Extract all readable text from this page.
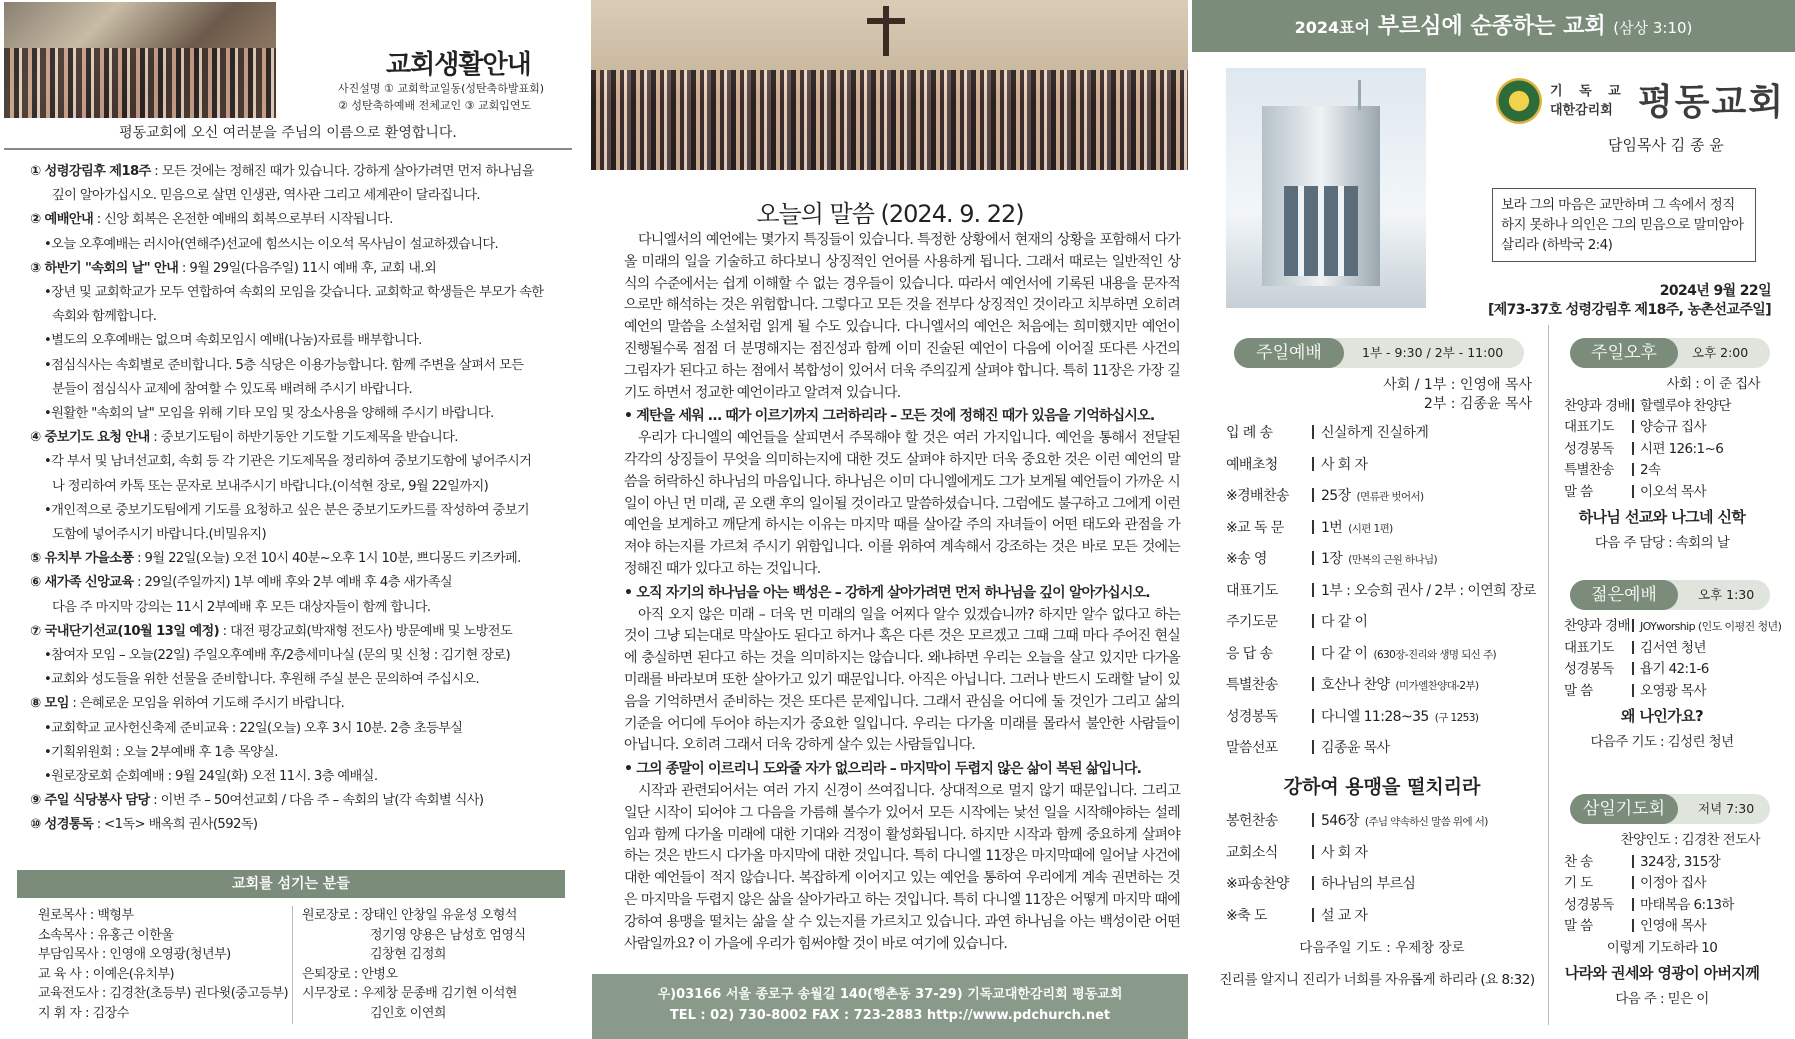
교회생활안내
사진설명 ① 교회학교일동(성탄축하발표회)
② 성탄축하예배 전체교인 ③ 교회입연도
평동교회에 오신 여러분을 주님의 이름으로 환영합니다.
① 성령강림후 제18주 : 모든 것에는 정해진 때가 있습니다. 강하게 살아가려면 먼저 하나님을
깊이 알아가십시오. 믿음으로 살면 인생관, 역사관 그리고 세계관이 달라집니다.
② 예배안내 : 신앙 회복은 온전한 예배의 회복으로부터 시작됩니다.
•오늘 오후예배는 러시아(연해주)선교에 힘쓰시는 이오석 목사님이 설교하겠습니다.
③ 하반기 "속회의 날" 안내 : 9월 29일(다음주일) 11시 예배 후, 교회 내.외
•장년 및 교회학교가 모두 연합하여 속회의 모임을 갖습니다. 교회학교 학생들은 부모가 속한
속회와 함께합니다.
•별도의 오후예배는 없으며 속회모임시 예배(나눔)자료를 배부합니다.
•점심식사는 속회별로 준비합니다. 5층 식당은 이용가능합니다. 함께 주변을 살펴서 모든
분들이 점심식사 교제에 참여할 수 있도록 배려해 주시기 바랍니다.
•원활한 "속회의 날" 모임을 위해 기타 모임 및 장소사용을 양해해 주시기 바랍니다.
④ 중보기도 요청 안내 : 중보기도팀이 하반기동안 기도할 기도제목을 받습니다.
•각 부서 및 남녀선교회, 속회 등 각 기관은 기도제목을 정리하여 중보기도함에 넣어주시거
나 정리하여 카톡 또는 문자로 보내주시기 바랍니다.(이석현 장로, 9월 22일까지)
•개인적으로 중보기도팀에게 기도를 요청하고 싶은 분은 중보기도카드를 작성하여 중보기
도함에 넣어주시기 바랍니다.(비밀유지)
⑤ 유치부 가을소풍 : 9월 22일(오늘) 오전 10시 40분~오후 1시 10분, 쁘디몽드 키즈카페.
⑥ 새가족 신앙교육 : 29일(주일까지) 1부 예배 후와 2부 예배 후 4층 새가족실
다음 주 마지막 강의는 11시 2부예배 후 모든 대상자들이 함께 합니다.
⑦ 국내단기선교(10월 13일 예정) : 대전 평강교회(박재형 전도사) 방문예배 및 노방전도
•참여자 모임 – 오늘(22일) 주일오후예배 후/2층세미나실 (문의 및 신청 : 김기현 장로)
•교회와 성도들을 위한 선물을 준비합니다. 후원해 주실 분은 문의하여 주십시오.
⑧ 모임 : 은혜로운 모임을 위하여 기도해 주시기 바랍니다.
•교회학교 교사헌신축제 준비교육 : 22일(오늘) 오후 3시 10분. 2층 초등부실
•기획위원회 : 오늘 2부예배 후 1층 목양실.
•원로장로회 순회예배 : 9월 24일(화) 오전 11시. 3층 예배실.
⑨ 주일 식당봉사 담당 : 이번 주 – 50여선교회 / 다음 주 – 속회의 날(각 속회별 식사)
⑩ 성경통독 : <1독> 배옥희 권사(592독)
교회를 섬기는 분들
원로목사 : 백형부
소속목사 : 유홍근 이한울
부담임목사 : 인영애 오영광(청년부)
교 육 사 : 이예은(유치부)
교육전도사 : 김경찬(초등부) 권다윗(중고등부)
지 휘 자 : 김장수
원로장로 : 장태인 안창일 유윤성 오형석
정기영 양용은 남성호 엄영식
김창현 김정희
은퇴장로 : 안병오
시무장로 : 우제창 문종배 김기현 이석현
김인호 이연희
오늘의 말씀 (2024. 9. 22)

다니엘서의 예언에는 몇가지 특징들이 있습니다. 특정한 상황에서 현재의 상황을 포함해서 다가올 미래의 일을 기술하고 하다보니 상징적인 언어를 사용하게 됩니다. 그래서 때로는 일반적인 상식의 수준에서는 쉽게 이해할 수 없는 경우들이 있습니다. 따라서 예언서에 기록된 내용을 문자적으로만 해석하는 것은 위험합니다. 그렇다고 모든 것을 전부다 상징적인 것이라고 치부하면 오히려 예언의 말씀을 소설처럼 읽게 될 수도 있습니다. 다니엘서의 예언은 처음에는 희미했지만 예언이 진행될수록 점점 더 분명해지는 점진성과 함께 이미 진술된 예언이 다음에 이어질 또다른 사건의 그림자가 된다고 하는 점에서 복합성이 있어서 더욱 주의깊게 살펴야 합니다. 특히 11장은 가장 길기도 하면서 정교한 예언이라고 알려져 있습니다.

• 계탄을 세워 … 때가 이르기까지 그러하리라 – 모든 것에 정해진 때가 있음을 기억하십시오.

우리가 다니엘의 예언들을 살피면서 주목해야 할 것은 여러 가지입니다. 예언을 통해서 전달된 각각의 상징들이 무엇을 의미하는지에 대한 것도 살펴야 하지만 더욱 중요한 것은 이런 예언의 말씀을 허락하신 하나님의 마음입니다. 하나님은 이미 다니엘에게도 그가 보게될 예언들이 가까운 시일이 아닌 먼 미래, 곧 오랜 후의 일이될 것이라고 말씀하셨습니다. 그럼에도 불구하고 그에게 이런 예언을 보게하고 깨닫게 하시는 이유는 마지막 때를 살아갈 주의 자녀들이 어떤 태도와 관점을 가져야 하는지를 가르쳐 주시기 위함입니다. 이를 위하여 계속해서 강조하는 것은 바로 모든 것에는 정해진 때가 있다고 하는 것입니다.

• 오직 자기의 하나님을 아는 백성은 – 강하게 살아가려면 먼저 하나님을 깊이 알아가십시오.

아직 오지 않은 미래 – 더욱 먼 미래의 일을 어찌다 알수 있겠습니까? 하지만 알수 없다고 하는 것이 그냥 되는대로 막살아도 된다고 하거나 혹은 다른 것은 모르겠고 그때 그때 마다 주어진 현실에 충실하면 된다고 하는 것을 의미하지는 않습니다. 왜냐하면 우리는 오늘을 살고 있지만 다가올 미래를 바라보며 또한 살아가고 있기 때문입니다. 아직은 아닙니다. 그러나 반드시 도래할 날이 있음을 기억하면서 준비하는 것은 또다른 문제입니다. 그래서 관심을 어디에 둘 것인가 그리고 삶의 기준을 어디에 두어야 하는지가 중요한 일입니다. 우리는 다가올 미래를 몰라서 불안한 사람들이 아닙니다. 오히려 그래서 더욱 강하게 살수 있는 사람들입니다.

• 그의 종말이 이르리니 도와줄 자가 없으리라 – 마지막이 두렵지 않은 삶이 복된 삶입니다.

시작과 관련되어서는 여러 가지 신경이 쓰여집니다. 상대적으로 멀지 않기 때문입니다. 그리고 일단 시작이 되어야 그 다음을 가름해 볼수가 있어서 모든 시작에는 낯선 일을 시작해야하는 설레임과 함께 다가올 미래에 대한 기대와 걱정이 활성화됩니다. 하지만 시작과 함께 중요하게 살펴야 하는 것은 반드시 다가올 마지막에 대한 것입니다. 특히 다니엘 11장은 마지막때에 일어날 사건에 대한 예언들이 적지 않습니다. 복잡하게 이어지고 있는 예언을 통하여 우리에게 계속 권면하는 것은 마지막을 두렵지 않은 삶을 살아가라고 하는 것입니다. 특히 다니엘 11장은 어떻게 마지막 때에 강하여 용맹을 떨치는 삶을 살 수 있는지를 가르치고 있습니다. 과연 하나님을 아는 백성이란 어떤 사람일까요? 이 가을에 우리가 힘써야할 것이 바로 여기에 있습니다.

우)03166 서울 종로구 송월길 140(행촌동 37-29) 기독교대한감리회 평동교회
TEL : 02) 730-8002 FAX : 723-2883 http://www.pdchurch.net
2024표어 부르심에 순종하는 교회 (삼상 3:10)
기 독 교
대한감리회 평동교회
담임목사 김 종 윤
보라 그의 마음은 교만하며 그 속에서 정직하지 못하나 의인은 그의 믿음으로 말미암아 살리라 (하박국 2:4)
2024년 9월 22일
[제73-37호 성령강림후 제18주, 농촌선교주일]
주일예배	1부 - 9:30 / 2부 - 11:00
사회 / 1부 : 인영애 목사
2부 : 김종윤 목사
입 례 송	신실하게 진실하게
예배초청	사 회 자
※경배찬송 25장 (면류관 벗어서)
※교 독 문	1번 (시편 1편)
※송 영	1장 (만복의 근원 하나님)
대표기도	1부 : 오승희 권사 / 2부 : 이연희 장로
주기도문	다 같 이
응 답 송	다 같 이 (630장-진리와 생명 되신 주)
특별찬송	호산나 찬양 (미가엘찬양대-2부)
성경봉독	다니엘 11:28~35 (구 1253)
말씀선포	김종윤 목사
강하여 용맹을 떨치리라
봉헌찬송	546장 (주님 약속하신 말씀 위에 서)
교회소식	사 회 자
※파송찬양 하나님의 부르심
※축 도	설 교 자
다음주일 기도 : 우제창 장로
진리를 알지니 진리가 너희를 자유롭게 하리라 (요 8:32)
주일오후	오후 2:00
사회 : 이 준 집사
찬양과 경배 할렐루야 찬양단
대표기도 양승규 집사
성경봉독 시편 126:1~6
특별찬송 2속
말 씀	이오석 목사
하나님 선교와 나그네 신학
다음 주 담당 : 속회의 날
젊은예배	오후 1:30
찬양과 경배 JOYworship (인도 이평진 청년)
대표기도 김서연 청년
성경봉독 욥기 42:1-6
말 씀	오영광 목사
왜 나인가요?
다음주 기도 : 김성린 청년
삼일기도회	저녁 7:30
찬양인도 : 김경찬 전도사
찬 송	324장, 315장
기 도	이정아 집사
성경봉독 마태복음 6:13하
말 씀	인영애 목사
이렇게 기도하라 10
나라와 권세와 영광이 아버지께
다음 주 : 믿은 이
